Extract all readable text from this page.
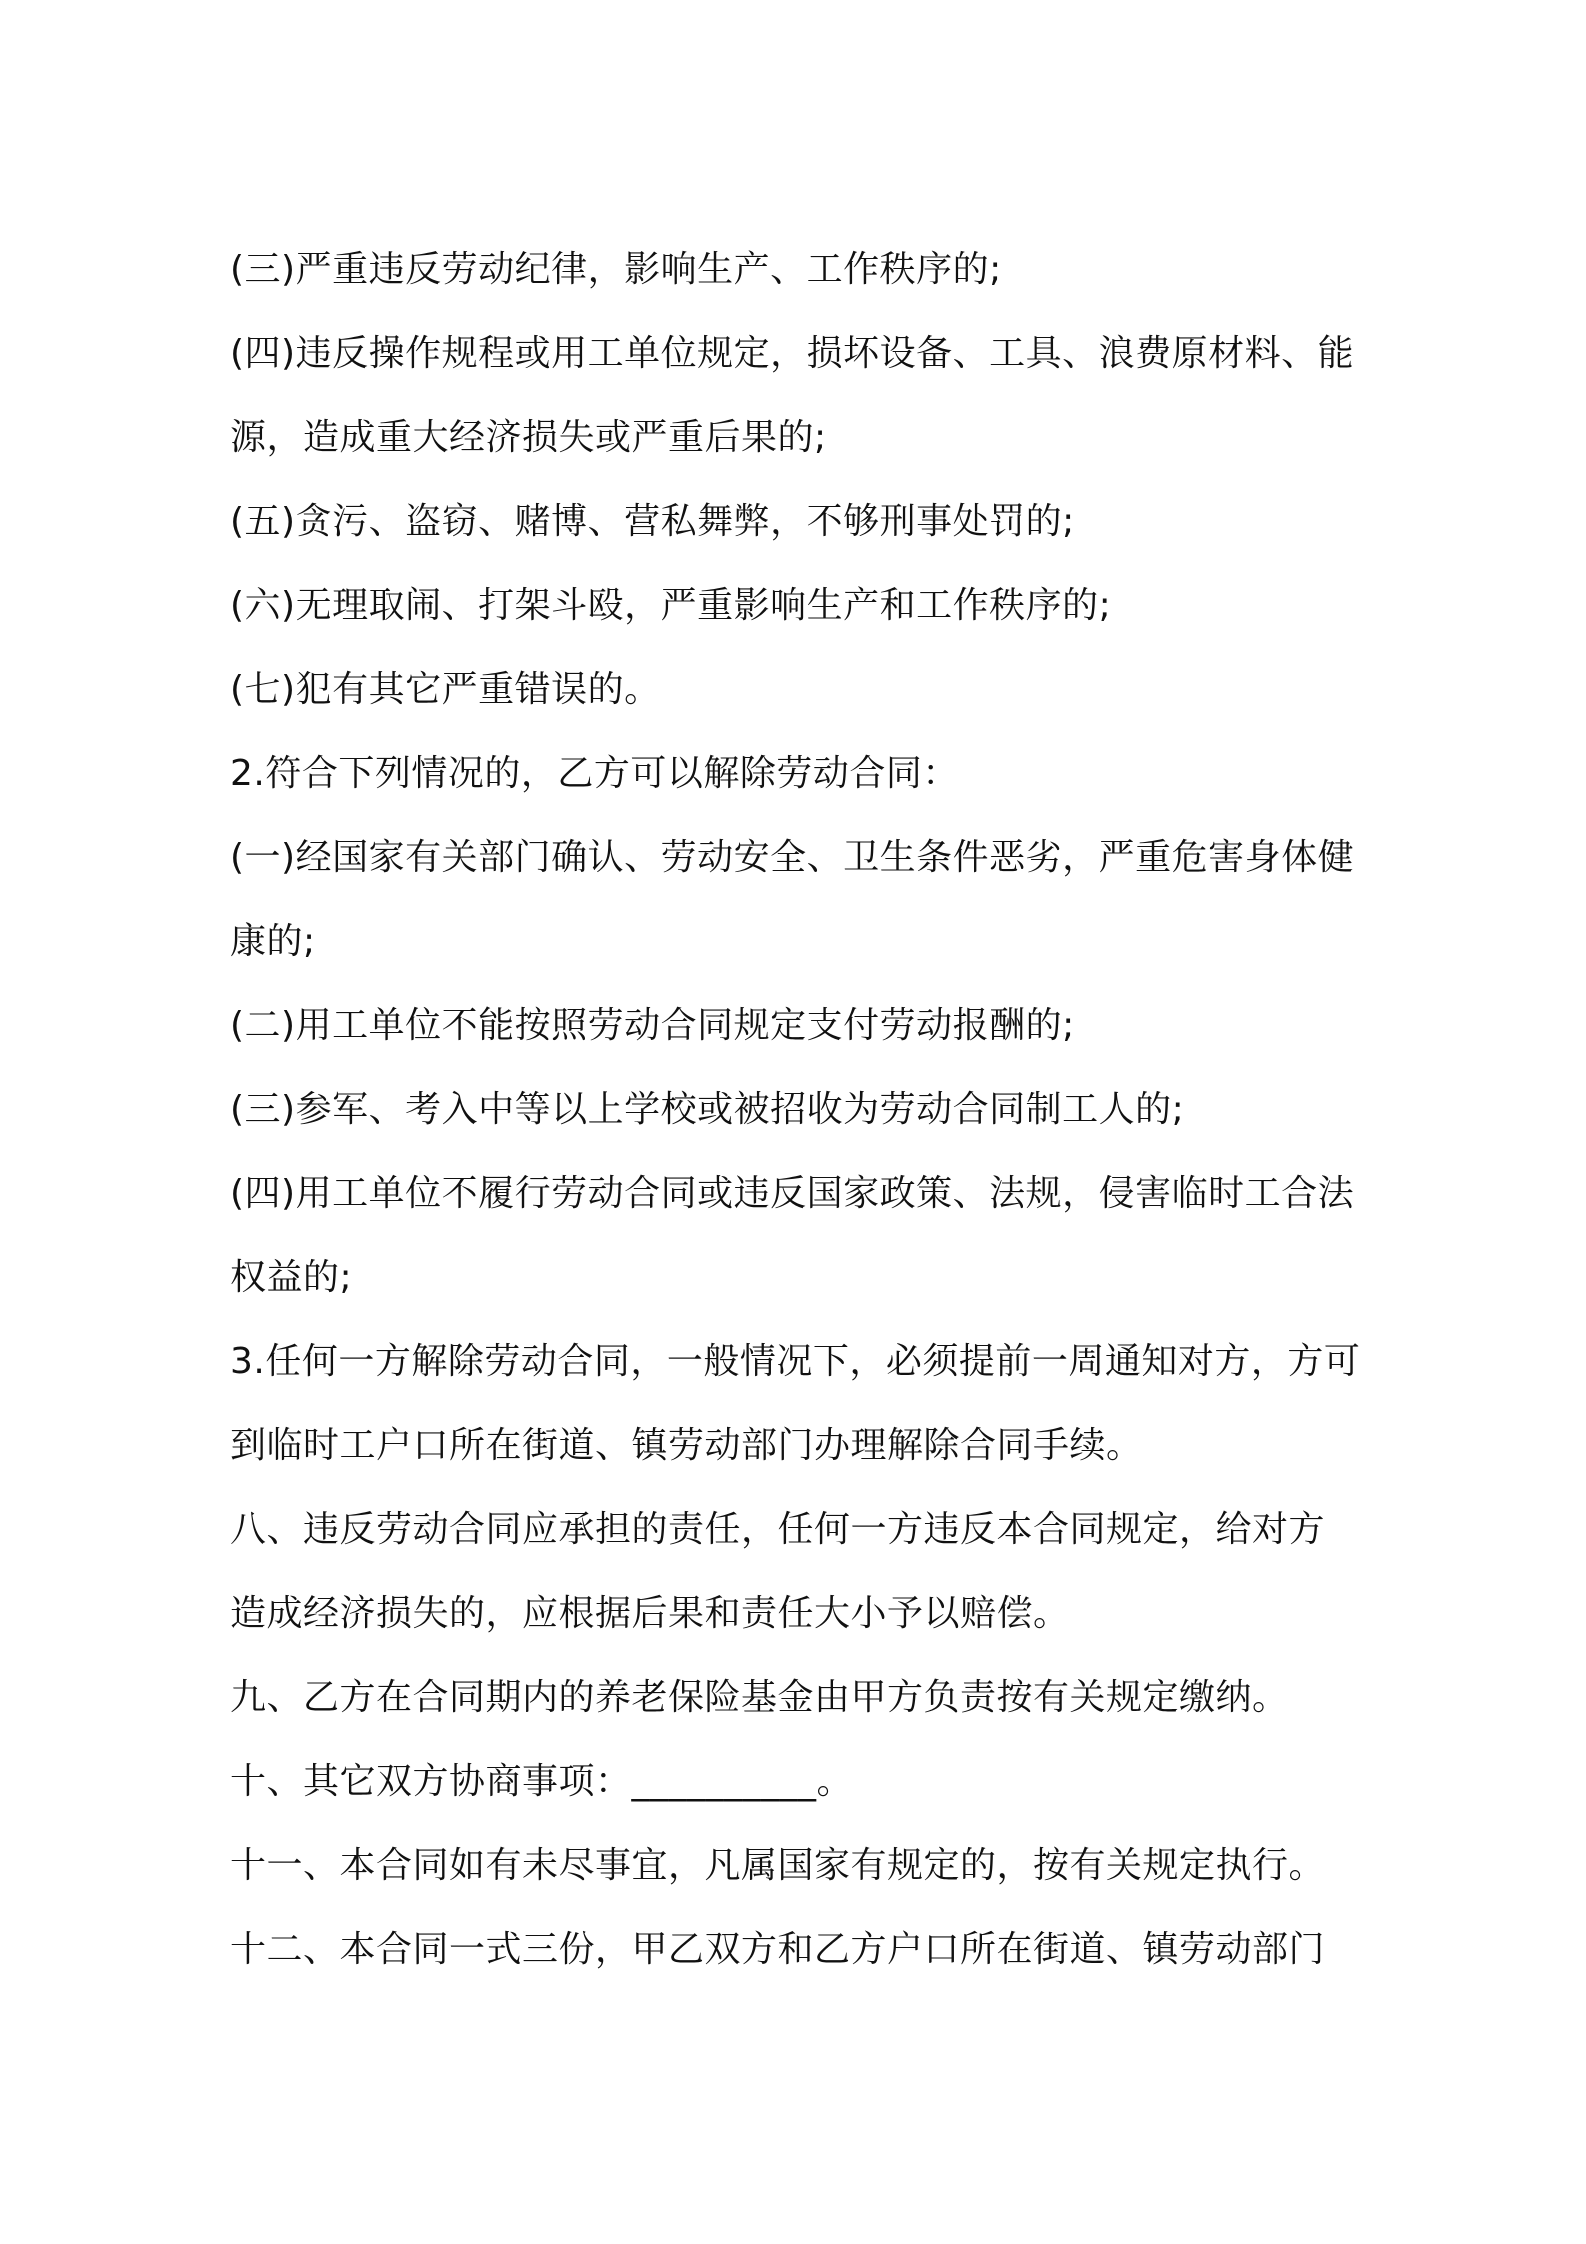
(三)严重违反劳动纪律，影响生产、工作秩序的;
(四)违反操作规程或用工单位规定，损坏设备、工具、浪费原材料、能
源，造成重大经济损失或严重后果的;
(五)贪污、盗窃、赌博、营私舞弊，不够刑事处罚的;
(六)无理取闹、打架斗殴，严重影响生产和工作秩序的;
(七)犯有其它严重错误的。
2.符合下列情况的，乙方可以解除劳动合同：
(一)经国家有关部门确认、劳动安全、卫生条件恶劣，严重危害身体健
康的;
(二)用工单位不能按照劳动合同规定支付劳动报酬的;
(三)参军、考入中等以上学校或被招收为劳动合同制工人的;
(四)用工单位不履行劳动合同或违反国家政策、法规，侵害临时工合法
权益的;
3.任何一方解除劳动合同，一般情况下，必须提前一周通知对方，方可
到临时工户口所在街道、镇劳动部门办理解除合同手续。
八、违反劳动合同应承担的责任，任何一方违反本合同规定，给对方
造成经济损失的，应根据后果和责任大小予以赔偿。
九、乙方在合同期内的养老保险基金由甲方负责按有关规定缴纳。
十、其它双方协商事项：__________。
十一、本合同如有未尽事宜，凡属国家有规定的，按有关规定执行。
十二、本合同一式三份，甲乙双方和乙方户口所在街道、镇劳动部门
